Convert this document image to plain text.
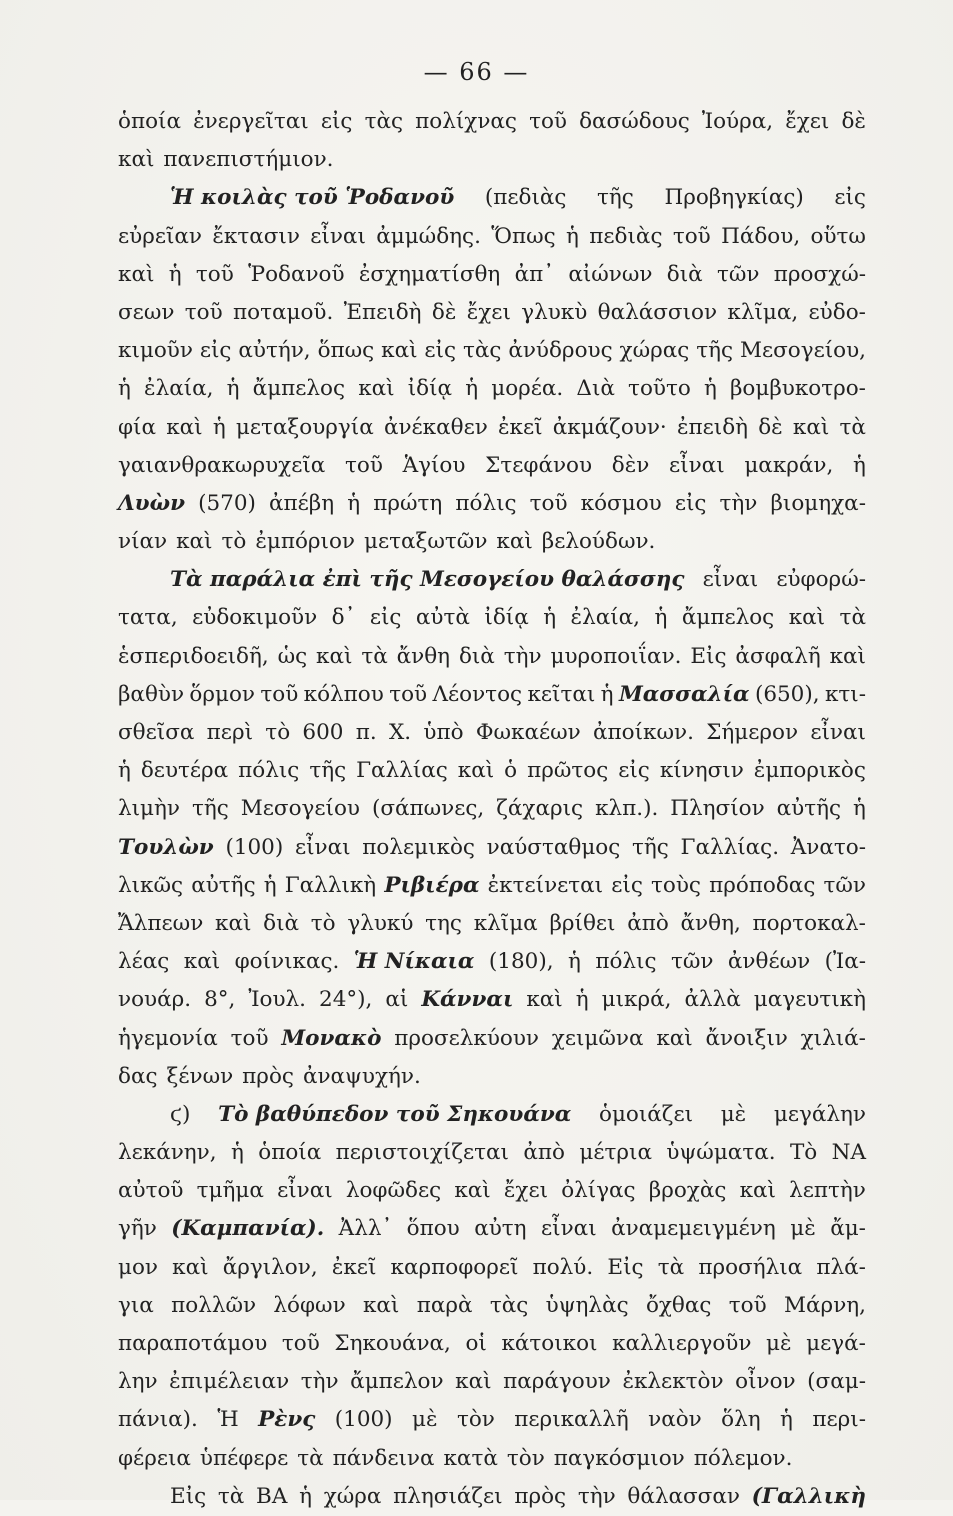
— 66 —
ὁποία ἐνεργεῖται εἰς τὰς πολίχνας τοῦ δασώδους Ἰούρα, ἔχει δὲ
καὶ πανεπιστήμιον.
Ἡ κοιλὰς τοῦ Ῥοδανοῦ (πεδιὰς τῆς Προβηγκίας) εἰς
εὐρεῖαν ἔκτασιν εἶναι ἀμμώδης. Ὅπως ἡ πεδιὰς τοῦ Πάδου, οὕτω
καὶ ἡ τοῦ Ῥοδανοῦ ἐσχηματίσθη ἀπ᾿ αἰώνων διὰ τῶν προσχώ-
σεων τοῦ ποταμοῦ. Ἐπειδὴ δὲ ἔχει γλυκὺ θαλάσσιον κλῖμα, εὐδο-
κιμοῦν εἰς αὐτήν, ὅπως καὶ εἰς τὰς ἀνύδρους χώρας τῆς Μεσογείου,
ἡ ἐλαία, ἡ ἄμπελος καὶ ἰδίᾳ ἡ μορέα. Διὰ τοῦτο ἡ βομβυκοτρο-
φία καὶ ἡ μεταξουργία ἀνέκαθεν ἐκεῖ ἀκμάζουν· ἐπειδὴ δὲ καὶ τὰ
γαιανθρακωρυχεῖα τοῦ Ἁγίου Στεφάνου δὲν εἶναι μακράν, ἡ
Λυὼν (570) ἀπέβη ἡ πρώτη πόλις τοῦ κόσμου εἰς τὴν βιομηχα-
νίαν καὶ τὸ ἐμπόριον μεταξωτῶν καὶ βελούδων.
Τὰ παράλια ἐπὶ τῆς Μεσογείου θαλάσσης εἶναι εὐφορώ-
τατα, εὐδοκιμοῦν δ᾿ εἰς αὐτὰ ἰδίᾳ ἡ ἐλαία, ἡ ἄμπελος καὶ τὰ
ἑσπεριδοειδῆ, ὡς καὶ τὰ ἄνθη διὰ τὴν μυροποιΐαν. Εἰς ἀσφαλῆ καὶ
βαθὺν ὅρμον τοῦ κόλπου τοῦ Λέοντος κεῖται ἡ Μασσαλία (650), κτι-
σθεῖσα περὶ τὸ 600 π. Χ. ὑπὸ Φωκαέων ἀποίκων. Σήμερον εἶναι
ἡ δευτέρα πόλις τῆς Γαλλίας καὶ ὁ πρῶτος εἰς κίνησιν ἐμπορικὸς
λιμὴν τῆς Μεσογείου (σάπωνες, ζάχαρις κλπ.). Πλησίον αὐτῆς ἡ
Τουλὼν (100) εἶναι πολεμικὸς ναύσταθμος τῆς Γαλλίας. Ἀνατο-
λικῶς αὐτῆς ἡ Γαλλικὴ Ριβιέρα ἐκτείνεται εἰς τοὺς πρόποδας τῶν
Ἄλπεων καὶ διὰ τὸ γλυκύ της κλῖμα βρίθει ἀπὸ ἄνθη, πορτοκαλ-
λέας καὶ φοίνικας. Ἡ Νίκαια (180), ἡ πόλις τῶν ἀνθέων (Ἰα-
νουάρ. 8°, Ἰουλ. 24°), αἱ Κάνναι καὶ ἡ μικρά, ἀλλὰ μαγευτικὴ
ἡγεμονία τοῦ Μονακὸ προσελκύουν χειμῶνα καὶ ἄνοιξιν χιλιά-
δας ξένων πρὸς ἀναψυχήν.
ϛ) Τὸ βαθύπεδον τοῦ Σηκουάνα ὁμοιάζει μὲ μεγάλην
λεκάνην, ἡ ὁποία περιστοιχίζεται ἀπὸ μέτρια ὑψώματα. Τὸ ΝΑ
αὐτοῦ τμῆμα εἶναι λοφῶδες καὶ ἔχει ὀλίγας βροχὰς καὶ λεπτὴν
γῆν (Καμπανία). Ἀλλ᾿ ὅπου αὐτη εἶναι ἀναμεμειγμένη μὲ ἄμ-
μον καὶ ἄργιλον, ἐκεῖ καρποφορεῖ πολύ. Εἰς τὰ προσήλια πλά-
για πολλῶν λόφων καὶ παρὰ τὰς ὑψηλὰς ὄχθας τοῦ Μάρνη,
παραποτάμου τοῦ Σηκουάνα, οἱ κάτοικοι καλλιεργοῦν μὲ μεγά-
λην ἐπιμέλειαν τὴν ἄμπελον καὶ παράγουν ἐκλεκτὸν οἶνον (σαμ-
πάνια). Ἡ Ρὲνς (100) μὲ τὸν περικαλλῆ ναὸν ὅλη ἡ περι-
φέρεια ὑπέφερε τὰ πάνδεινα κατὰ τὸν παγκόσμιον πόλεμον.
Εἰς τὰ ΒΑ ἡ χώρα πλησιάζει πρὸς τὴν θάλασσαν (Γαλλικὴ
